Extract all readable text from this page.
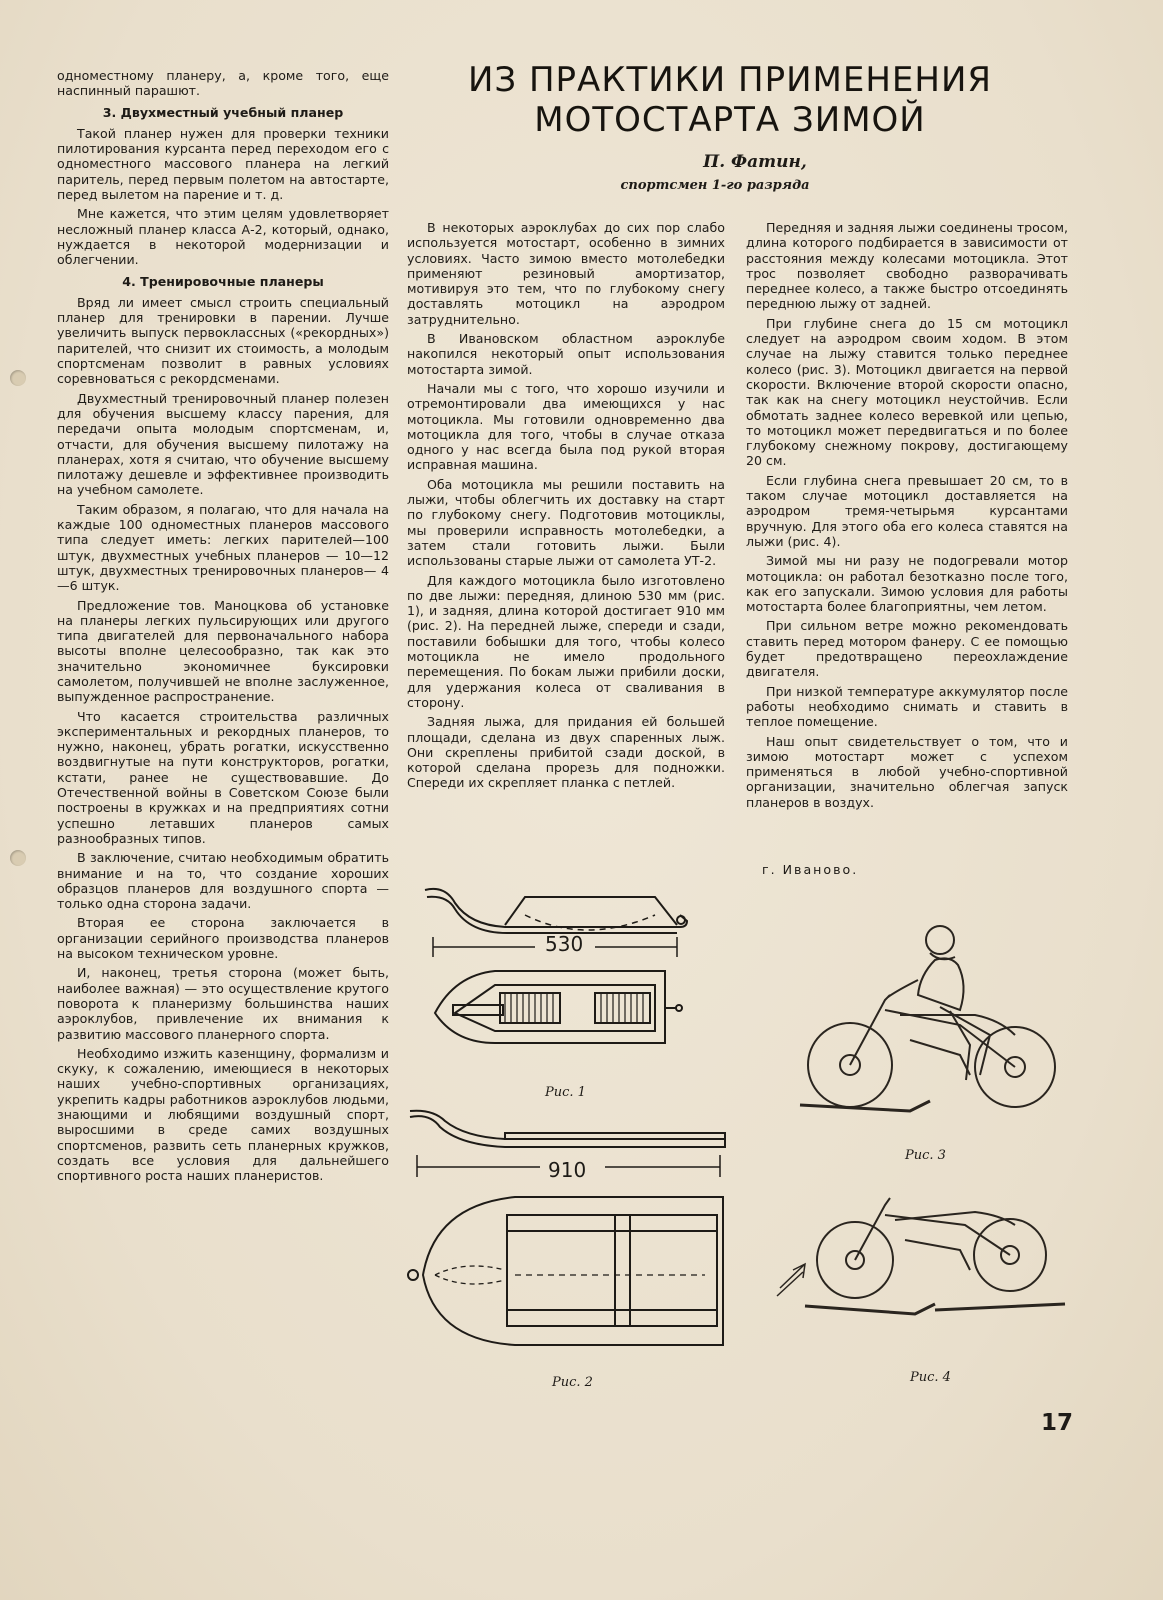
одноместному планеру, а, кроме того, еще наспинный парашют.

3. Двухместный учебный планер

Такой планер нужен для проверки техники пилотирования курсанта перед переходом его с одноместного массового планера на легкий паритель, перед первым полетом на автостарте, перед вылетом на парение и т. д.

Мне кажется, что этим целям удовлетворяет несложный планер класса А-2, который, однако, нуждается в некоторой модернизации и облегчении.

4. Тренировочные планеры

Вряд ли имеет смысл строить специальный планер для тренировки в парении. Лучше увеличить выпуск первоклассных («рекордных») парителей, что снизит их стоимость, а молодым спортсменам позволит в равных условиях соревноваться с рекордсменами.

Двухместный тренировочный планер полезен для обучения высшему классу парения, для передачи опыта молодым спортсменам, и, отчасти, для обучения высшему пилотажу на планерах, хотя я считаю, что обучение высшему пилотажу дешевле и эффективнее производить на учебном самолете.

Таким образом, я полагаю, что для начала на каждые 100 одноместных планеров массового типа следует иметь: легких парителей—100 штук, двухместных учебных планеров — 10—12 штук, двухместных тренировочных планеров— 4—6 штук.

Предложение тов. Маноцкова об установке на планеры легких пульсирующих или другого типа двигателей для первоначального набора высоты вполне целесообразно, так как это значительно экономичнее буксировки самолетом, получившей не вполне заслуженное, выпужденное распространение.

Что касается строительства различных экспериментальных и рекордных планеров, то нужно, наконец, убрать рогатки, искусственно воздвигнутые на пути конструкторов, рогатки, кстати, ранее не существовавшие. До Отечественной войны в Советском Союзе были построены в кружках и на предприятиях сотни успешно летавших планеров самых разнообразных типов.

В заключение, считаю необходимым обратить внимание и на то, что создание хороших образцов планеров для воздушного спорта — только одна сторона задачи.

Вторая ее сторона заключается в организации серийного производства планеров на высоком техническом уровне.

И, наконец, третья сторона (может быть, наиболее важная) — это осуществление крутого поворота к планеризму большинства наших аэроклубов, привлечение их внимания к развитию массового планерного спорта.

Необходимо изжить казенщину, формализм и скуку, к сожалению, имеющиеся в некоторых наших учебно-спортивных организациях, укрепить кадры работников аэроклубов людьми, знающими и любящими воздушный спорт, выросшими в среде самих воздушных спортсменов, развить сеть планерных кружков, создать все условия для дальнейшего спортивного роста наших планеристов.

ИЗ ПРАКТИКИ ПРИМЕНЕНИЯ
МОТОСТАРТА ЗИМОЙ
П. Фатин,
спортсмен 1-го разряда

В некоторых аэроклубах до сих пор слабо используется мотостарт, особенно в зимних условиях. Часто зимою вместо мотолебедки применяют резиновый амортизатор, мотивируя это тем, что по глубокому снегу доставлять мотоцикл на аэродром затруднительно.

В Ивановском областном аэроклубе накопился некоторый опыт использования мотостарта зимой.

Начали мы с того, что хорошо изучили и отремонтировали два имеющихся у нас мотоцикла. Мы готовили одновременно два мотоцикла для того, чтобы в случае отказа одного у нас всегда была под рукой вторая исправная машина.

Оба мотоцикла мы решили поставить на лыжи, чтобы облегчить их доставку на старт по глубокому снегу. Подготовив мотоциклы, мы проверили исправность мотолебедки, а затем стали готовить лыжи. Были использованы старые лыжи от самолета УТ-2.

Для каждого мотоцикла было изготовлено по две лыжи: передняя, длиною 530 мм (рис. 1), и задняя, длина которой достигает 910 мм (рис. 2). На передней лыже, спереди и сзади, поставили бобышки для того, чтобы колесо мотоцикла не имело продольного перемещения. По бокам лыжи прибили доски, для удержания колеса от сваливания в сторону.

Задняя лыжа, для придания ей большей площади, сделана из двух спаренных лыж. Они скреплены прибитой сзади доской, в которой сделана прорезь для подножки. Спереди их скрепляет планка с петлей.

Передняя и задняя лыжи соединены тросом, длина которого подбирается в зависимости от расстояния между колесами мотоцикла. Этот трос позволяет свободно разворачивать переднее колесо, а также быстро отсоединять переднюю лыжу от задней.

При глубине снега до 15 см мотоцикл следует на аэродром своим ходом. В этом случае на лыжу ставится только переднее колесо (рис. 3). Мотоцикл двигается на первой скорости. Включение второй скорости опасно, так как на снегу мотоцикл неустойчив. Если обмотать заднее колесо веревкой или цепью, то мотоцикл может передвигаться и по более глубокому снежному покрову, достигающему 20 см.

Если глубина снега превышает 20 см, то в таком случае мотоцикл доставляется на аэродром тремя-четырьмя курсантами вручную. Для этого оба его колеса ставятся на лыжи (рис. 4).

Зимой мы ни разу не подогревали мотор мотоцикла: он работал безотказно после того, как его запускали. Зимою условия для работы мотостарта более благоприятны, чем летом.

При сильном ветре можно рекомендовать ставить перед мотором фанеру. С ее помощью будет предотвращено переохлаждение двигателя.

При низкой температуре аккумулятор после работы необходимо снимать и ставить в теплое помещение.

Наш опыт свидетельствует о том, что и зимою мотостарт может с успехом применяться в любой учебно-спортивной организации, значительно облегчая запуск планеров в воздух.

г. Иваново.
530
Рис. 1
910
Рис. 2
Рис. 3
Рис. 4
17
